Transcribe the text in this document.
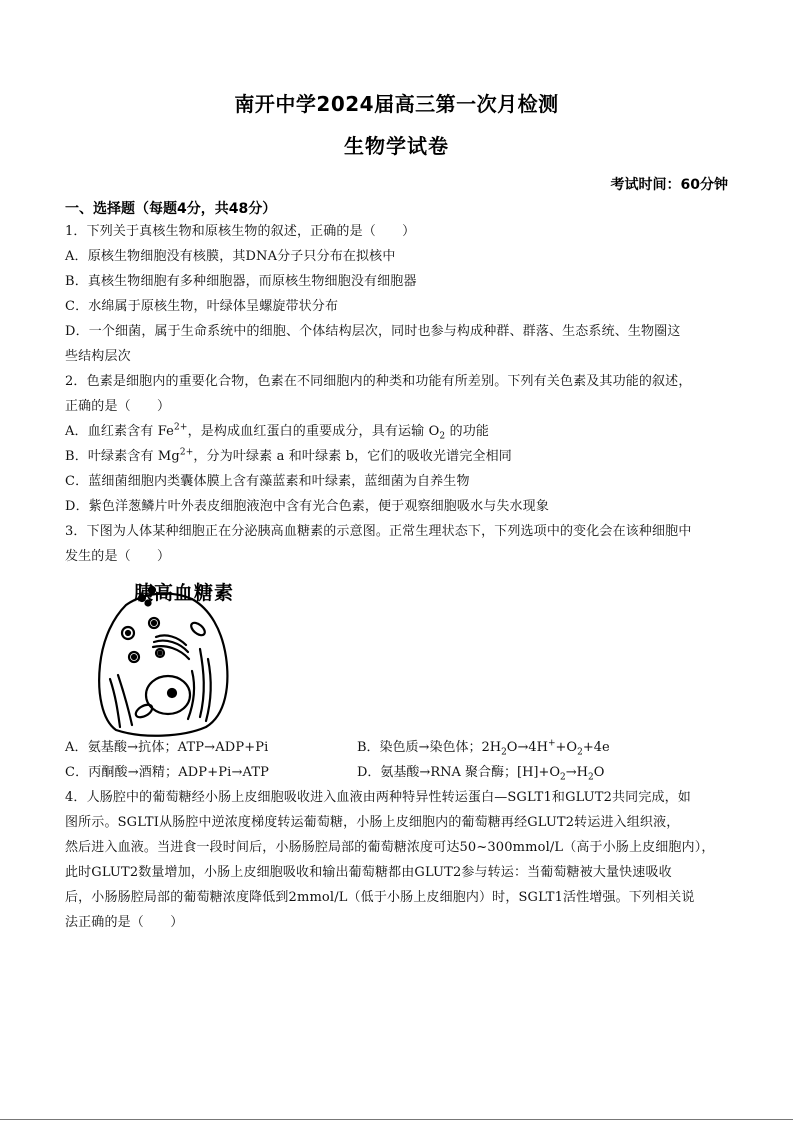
南开中学2024届高三第一次月检测
生物学试卷
考试时间：60分钟
一、选择题（每题4分，共48分）
1．下列关于真核生物和原核生物的叙述，正确的是（　　）
A．原核生物细胞没有核膜，其DNA分子只分布在拟核中
B．真核生物细胞有多种细胞器，而原核生物细胞没有细胞器
C．水绵属于原核生物，叶绿体呈螺旋带状分布
D．一个细菌，属于生命系统中的细胞、个体结构层次，同时也参与构成种群、群落、生态系统、生物圈这
些结构层次
2．色素是细胞内的重要化合物，色素在不同细胞内的种类和功能有所差别。下列有关色素及其功能的叙述，
正确的是（　　）
A．血红素含有 $Fe^{2+}$，是构成血红蛋白的重要成分，具有运输 $O_2$ 的功能
B．叶绿素含有 $Mg^{2+}$，分为叶绿素 a 和叶绿素 b，它们的吸收光谱完全相同
C．蓝细菌细胞内类囊体膜上含有藻蓝素和叶绿素，蓝细菌为自养生物
D．紫色洋葱鳞片叶外表皮细胞液泡中含有光合色素，便于观察细胞吸水与失水现象
3．下图为人体某种细胞正在分泌胰高血糖素的示意图。正常生理状态下，下列选项中的变化会在该种细胞中
发生的是（　　）
胰高血糖素
A．氨基酸→抗体；ATP→ADP+Pi	B．染色质→染色体；$2H_2O\to 4H^++O_2+4e$
C．丙酮酸→酒精；ADP+Pi→ATP	D．氨基酸→RNA 聚合酶；$[H]+O_2\to H_2O$
4．人肠腔中的葡萄糖经小肠上皮细胞吸收进入血液由两种特异性转运蛋白—SGLT1和GLUT2共同完成，如
图所示。SGLTI从肠腔中逆浓度梯度转运葡萄糖，小肠上皮细胞内的葡萄糖再经GLUT2转运进入组织液，
然后进入血液。当进食一段时间后，小肠肠腔局部的葡萄糖浓度可达50~300mmol/L（高于小肠上皮细胞内），
此时GLUT2数量增加，小肠上皮细胞吸收和输出葡萄糖都由GLUT2参与转运：当葡萄糖被大量快速吸收
后，小肠肠腔局部的葡萄糖浓度降低到2mmol/L（低于小肠上皮细胞内）时，SGLT1活性增强。下列相关说
法正确的是（　　）
